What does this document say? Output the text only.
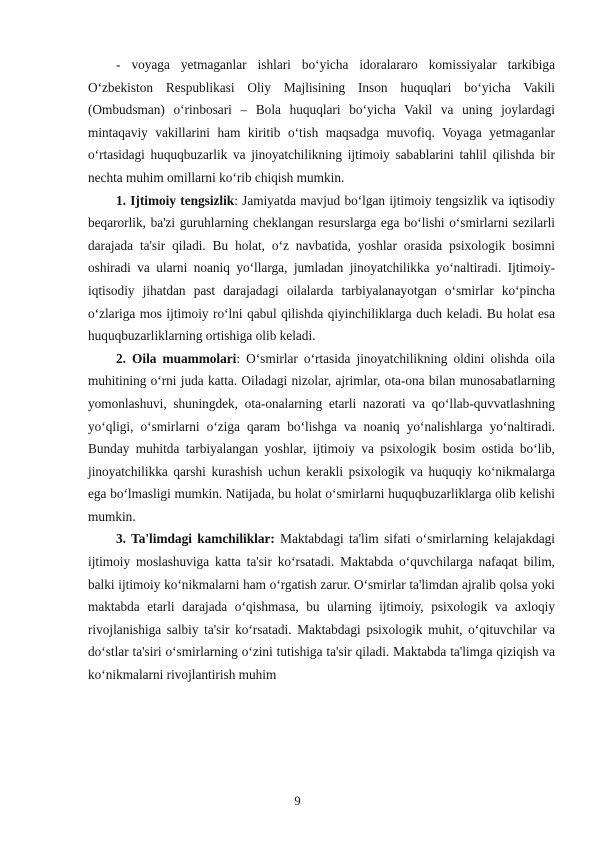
- voyaga yetmaganlar ishlari bo‘yicha idoralararo komissiyalar tarkibiga O‘zbekiston Respublikasi Oliy Majlisining Inson huquqlari bo‘yicha Vakili (Ombudsman) o‘rinbosari – Bola huquqlari bo‘yicha Vakil va uning joylardagi mintaqaviy vakillarini ham kiritib o‘tish maqsadga muvofiq. Voyaga yetmaganlar o‘rtasidagi huquqbuzarlik va jinoyatchilikning ijtimoiy sabablarini tahlil qilishda bir nechta muhim omillarni ko‘rib chiqish mumkin.

1. Ijtimoiy tengsizlik: Jamiyatda mavjud bo‘lgan ijtimoiy tengsizlik va iqtisodiy beqarorlik, ba'zi guruhlarning cheklangan resurslarga ega bo‘lishi o‘smirlarni sezilarli darajada ta'sir qiladi. Bu holat, o‘z navbatida, yoshlar orasida psixologik bosimni oshiradi va ularni noaniq yo‘llarga, jumladan jinoyatchilikka yo‘naltiradi. Ijtimoiy-iqtisodiy jihatdan past darajadagi oilalarda tarbiyalanayotgan o‘smirlar ko‘pincha o‘zlariga mos ijtimoiy ro‘lni qabul qilishda qiyinchiliklarga duch keladi. Bu holat esa huquqbuzarliklarning ortishiga olib keladi.

2. Oila muammolari: O‘smirlar o‘rtasida jinoyatchilikning oldini olishda oila muhitining o‘rni juda katta. Oiladagi nizolar, ajrimlar, ota-ona bilan munosabatlarning yomonlashuvi, shuningdek, ota-onalarning etarli nazorati va qo‘llab-quvvatlashning yo‘qligi, o‘smirlarni o‘ziga qaram bo‘lishga va noaniq yo‘nalishlarga yo‘naltiradi. Bunday muhitda tarbiyalangan yoshlar, ijtimoiy va psixologik bosim ostida bo‘lib, jinoyatchilikka qarshi kurashish uchun kerakli psixologik va huquqiy ko‘nikmalarga ega bo‘lmasligi mumkin. Natijada, bu holat o‘smirlarni huquqbuzarliklarga olib kelishi mumkin.

3. Ta'limdagi kamchiliklar: Maktabdagi ta'lim sifati o‘smirlarning kelajakdagi ijtimoiy moslashuviga katta ta'sir ko‘rsatadi. Maktabda o‘quvchilarga nafaqat bilim, balki ijtimoiy ko‘nikmalarni ham o‘rgatish zarur. O‘smirlar ta'limdan ajralib qolsa yoki maktabda etarli darajada o‘qishmasa, bu ularning ijtimoiy, psixologik va axloqiy rivojlanishiga salbiy ta'sir ko‘rsatadi. Maktabdagi psixologik muhit, o‘qituvchilar va do‘stlar ta'siri o‘smirlarning o‘zini tutishiga ta'sir qiladi. Maktabda ta'limga qiziqish va ko‘nikmalarni rivojlantirish muhim

9
